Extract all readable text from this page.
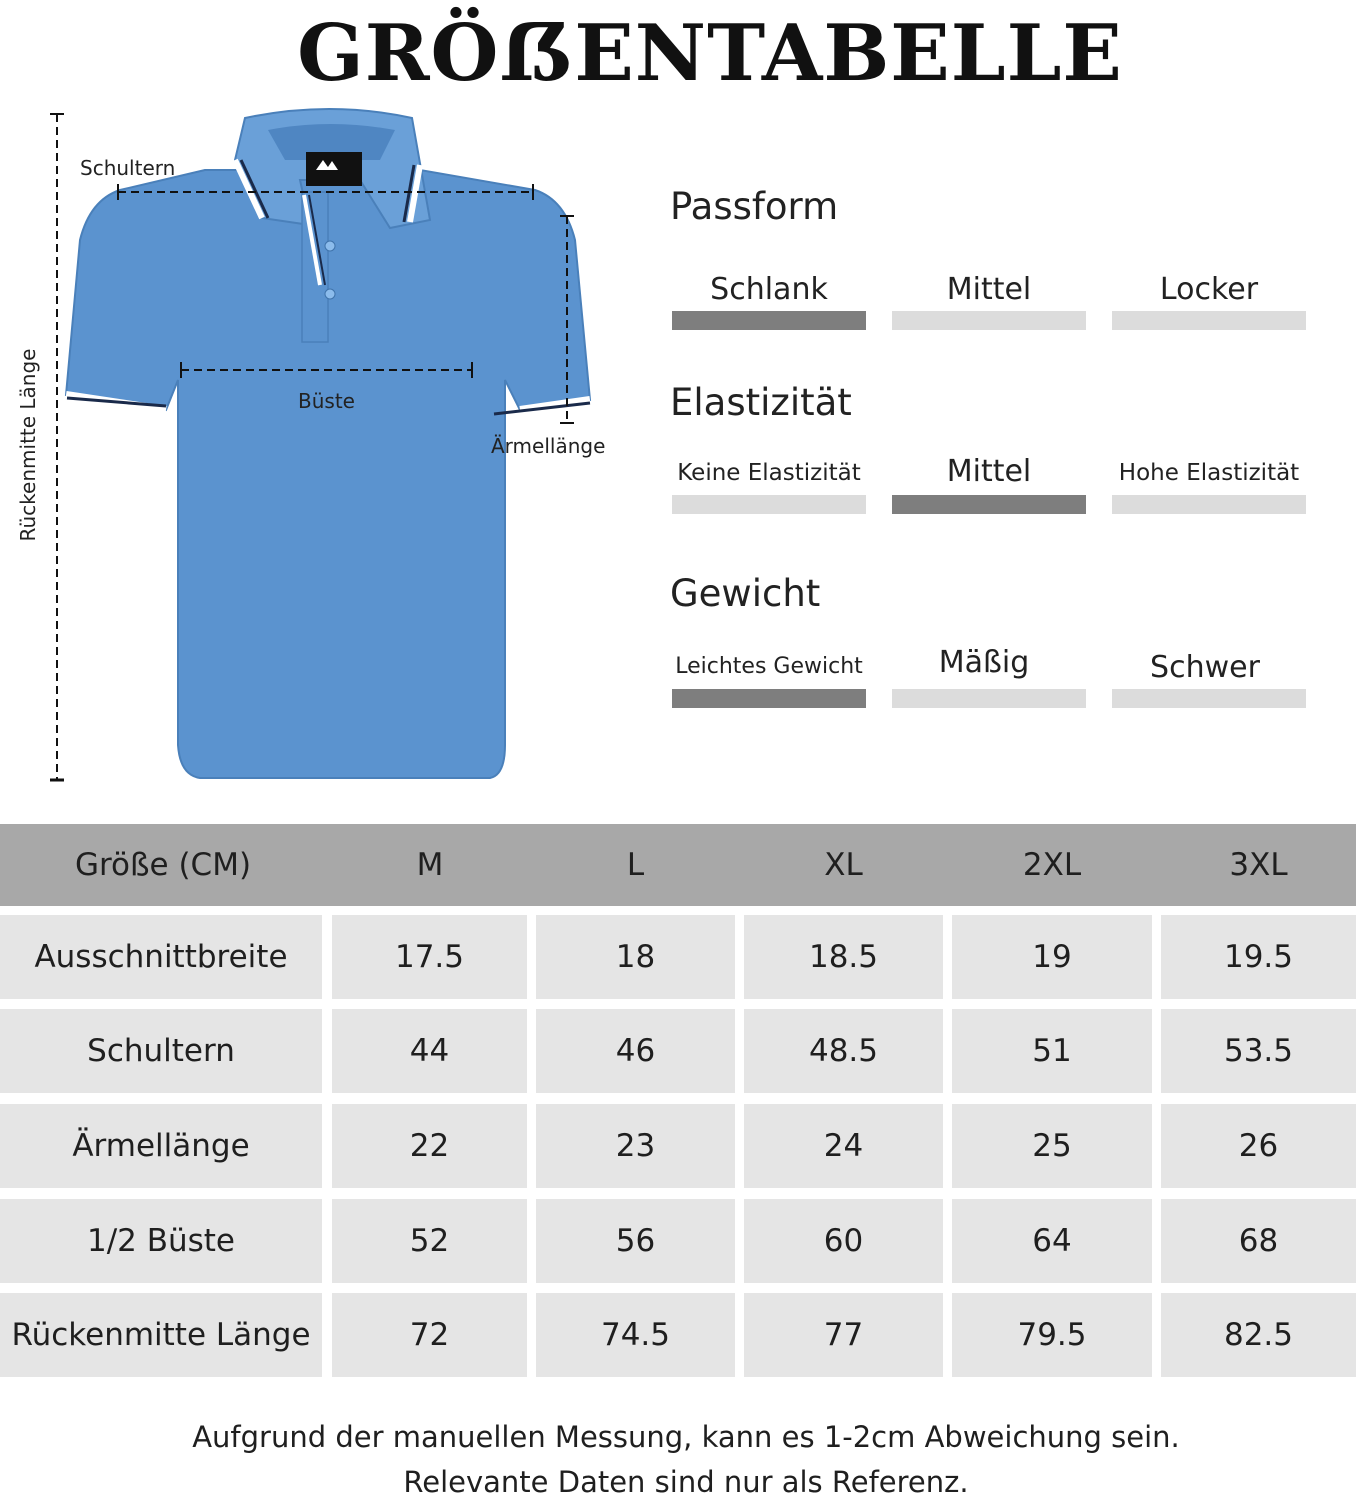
GRÖẞENTABELLE
Schultern
Büste
Ärmellänge
Rückenmitte Länge
Passform
Schlank	Mittel	Locker
Elastizität
Keine Elastizität	Mittel	Hohe Elastizität
Gewicht
Leichtes Gewicht	Mäßig	Schwer
Größe (CM)	M	L	XL	2XL	3XL
Ausschnittbreite	17.5	18	18.5	19	19.5
Schultern	44	46	48.5	51	53.5
Ärmellänge	22	23	24	25	26
1/2 Büste	52	56	60	64	68
Rückenmitte Länge	72	74.5	77	79.5	82.5
Aufgrund der manuellen Messung, kann es 1-2cm Abweichung sein.
Relevante Daten sind nur als Referenz.
